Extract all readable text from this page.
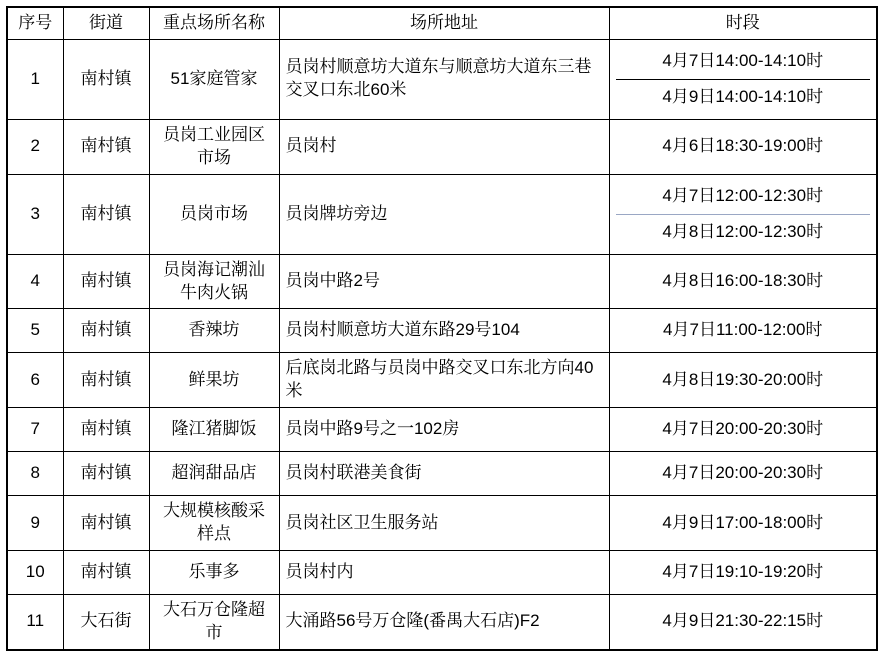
序号	街道	重点场所名称	场所地址	时段
1	南村镇	51家庭管家	员岗村顺意坊大道东与顺意坊大道东三巷交叉口东北60米	4月7日14:00-14:10时
4月9日14:00-14:10时

2	南村镇	员岗工业园区市场	员岗村	4月6日18:30-19:00时

3	南村镇	员岗市场	员岗牌坊旁边	4月7日12:00-12:30时
4月8日12:00-12:30时

4	南村镇	员岗海记潮汕牛肉火锅	员岗中路2号	4月8日16:00-18:30时

5	南村镇	香辣坊	员岗村顺意坊大道东路29号104	4月7日11:00-12:00时

6	南村镇	鲜果坊	后底岗北路与员岗中路交叉口东北方向40米	4月8日19:30-20:00时

7	南村镇	隆江猪脚饭	员岗中路9号之一102房	4月7日20:00-20:30时

8	南村镇	超润甜品店	员岗村联港美食街	4月7日20:00-20:30时

9	南村镇	大规模核酸采样点	员岗社区卫生服务站	4月9日17:00-18:00时

10	南村镇	乐事多	员岗村内	4月7日19:10-19:20时

11	大石街	大石万仓隆超市	大涌路56号万仓隆(番禺大石店)F2	4月9日21:30-22:15时
